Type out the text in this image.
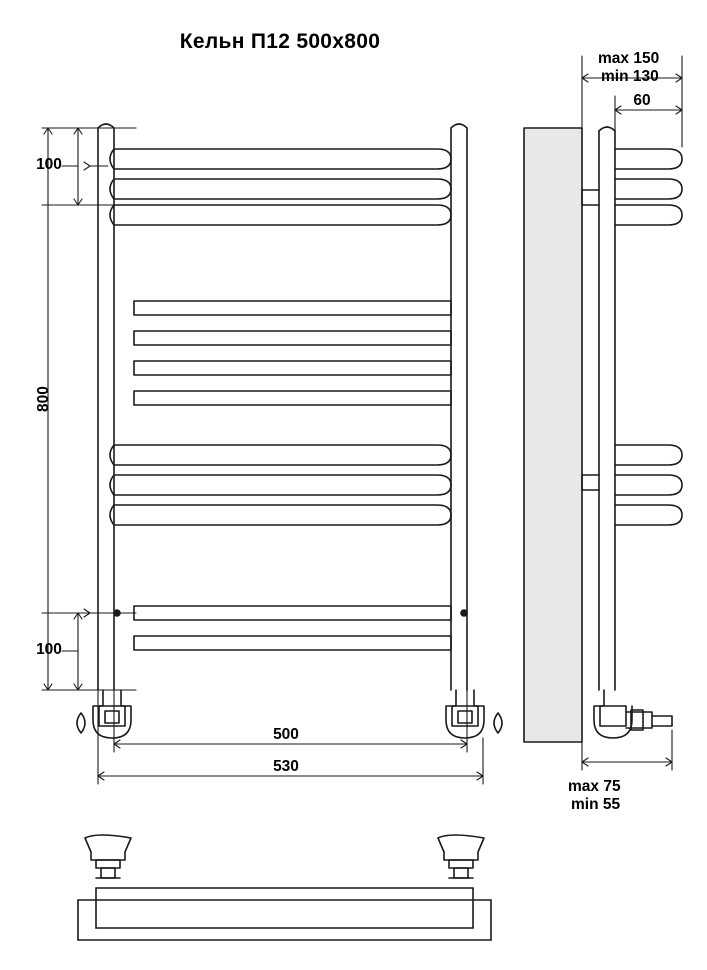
Кельн П12 500x800
800
100
100
500
530
max 150
min 130
60
max 75
min 55
